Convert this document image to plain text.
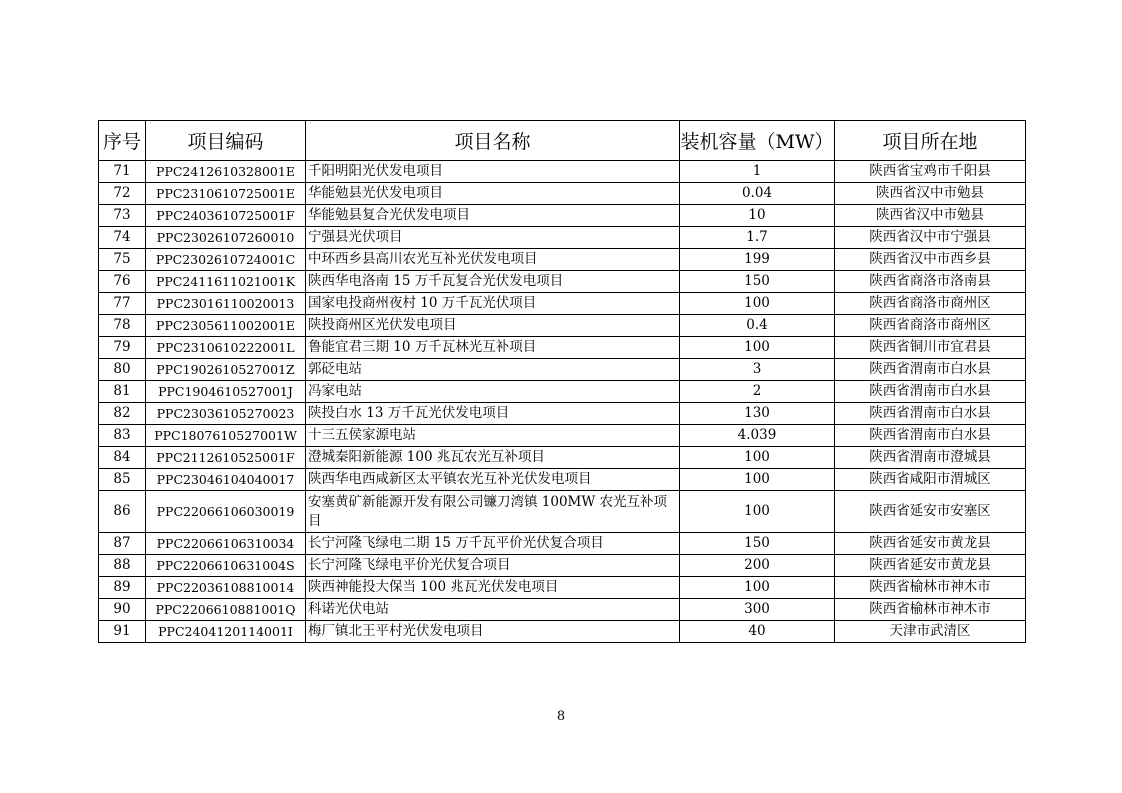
序号	项目编码	项目名称	装机容量（MW）	项目所在地
71	PPC2412610328001E	千阳明阳光伏发电项目	1	陕西省宝鸡市千阳县
72	PPC2310610725001E	华能勉县光伏发电项目	0.04	陕西省汉中市勉县
73	PPC2403610725001F	华能勉县复合光伏发电项目	10	陕西省汉中市勉县
74	PPC23026107260010	宁强县光伏项目	1.7	陕西省汉中市宁强县
75	PPC2302610724001C	中环西乡县高川农光互补光伏发电项目	199	陕西省汉中市西乡县
76	PPC2411611021001K	陕西华电洛南 15 万千瓦复合光伏发电项目	150	陕西省商洛市洛南县
77	PPC23016110020013	国家电投商州夜村 10 万千瓦光伏项目	100	陕西省商洛市商州区
78	PPC2305611002001E	陕投商州区光伏发电项目	0.4	陕西省商洛市商州区
79	PPC2310610222001L	鲁能宜君三期 10 万千瓦林光互补项目	100	陕西省铜川市宜君县
80	PPC1902610527001Z	郭砭电站	3	陕西省渭南市白水县
81	PPC1904610527001J	冯家电站	2	陕西省渭南市白水县
82	PPC23036105270023	陕投白水 13 万千瓦光伏发电项目	130	陕西省渭南市白水县
83	PPC1807610527001W	十三五侯家源电站	4.039	陕西省渭南市白水县
84	PPC2112610525001F	澄城秦阳新能源 100 兆瓦农光互补项目	100	陕西省渭南市澄城县
85	PPC23046104040017	陕西华电西咸新区太平镇农光互补光伏发电项目	100	陕西省咸阳市渭城区
86	PPC22066106030019	安塞黄矿新能源开发有限公司镰刀湾镇 100MW 农光互补项目	100	陕西省延安市安塞区
87	PPC22066106310034	长宁河隆飞绿电二期 15 万千瓦平价光伏复合项目	150	陕西省延安市黄龙县
88	PPC2206610631004S	长宁河隆飞绿电平价光伏复合项目	200	陕西省延安市黄龙县
89	PPC22036108810014	陕西神能投大保当 100 兆瓦光伏发电项目	100	陕西省榆林市神木市
90	PPC2206610881001Q	科诺光伏电站	300	陕西省榆林市神木市
91	PPC2404120114001I	梅厂镇北王平村光伏发电项目	40	天津市武清区
8
